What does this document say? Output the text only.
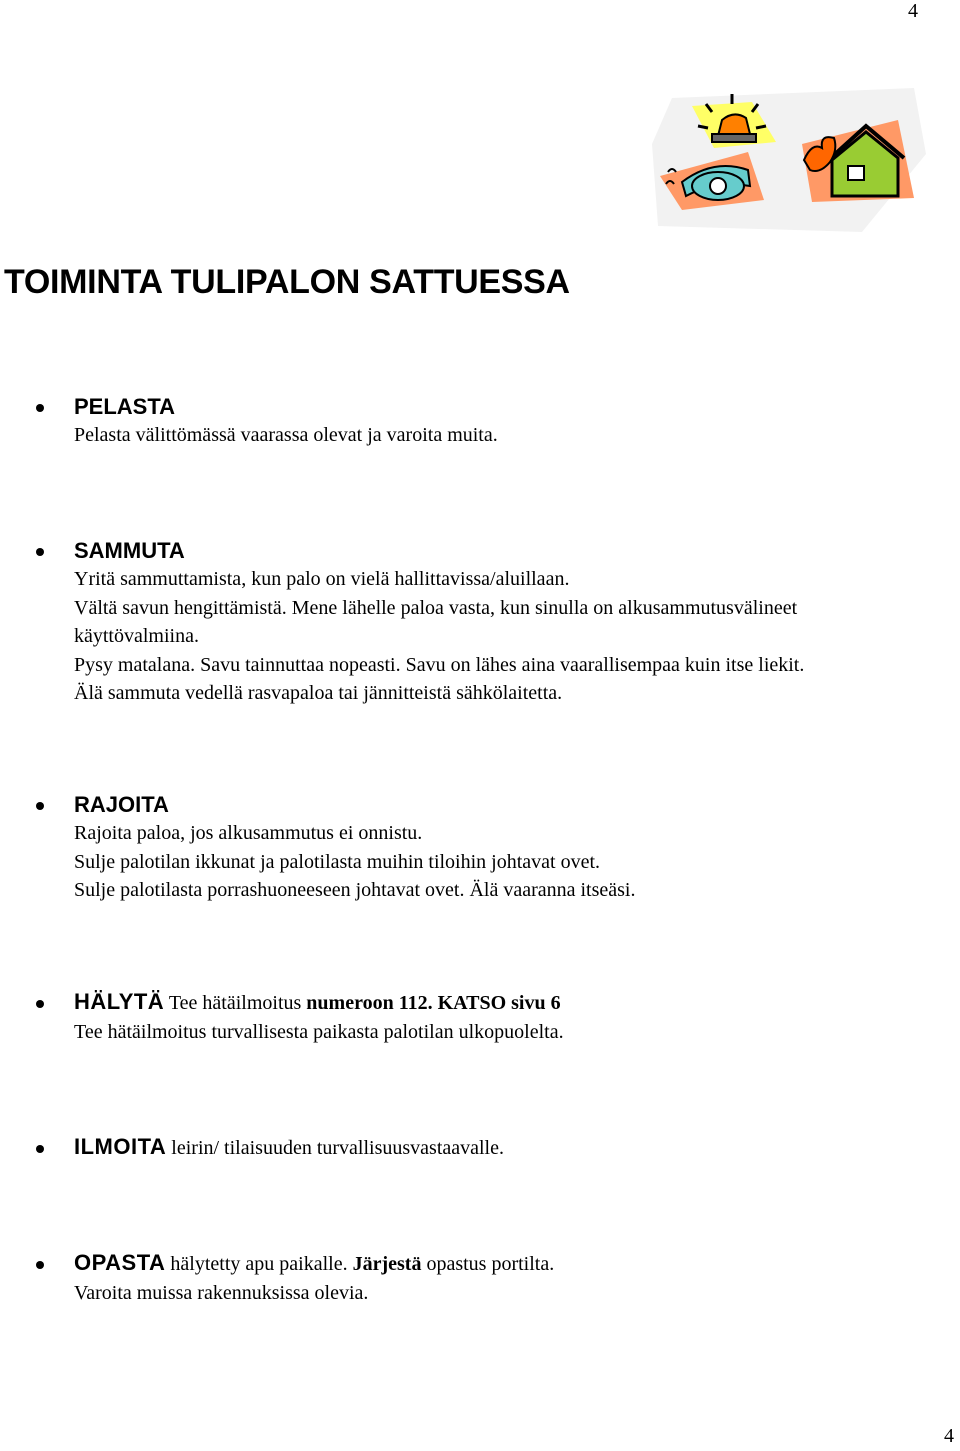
4
TOIMINTA TULIPALON SATTUESSA
PELASTA
Pelasta välittömässä vaarassa olevat ja varoita muita.
SAMMUTA
Yritä sammuttamista, kun palo on vielä hallittavissa/aluillaan.
Vältä savun hengittämistä. Mene lähelle paloa vasta, kun sinulla on alkusammutusvälineet
käyttövalmiina.
Pysy matalana. Savu tainnuttaa nopeasti. Savu on lähes aina vaarallisempaa kuin itse liekit.
Älä sammuta vedellä rasvapaloa tai jännitteistä sähkölaitetta.
RAJOITA
Rajoita paloa, jos alkusammutus ei onnistu.
Sulje palotilan ikkunat ja palotilasta muihin tiloihin johtavat ovet.
Sulje palotilasta porrashuoneeseen johtavat ovet. Älä vaaranna itseäsi.
HÄLYTÄ Tee hätäilmoitus numeroon 112. KATSO sivu 6
Tee hätäilmoitus turvallisesta paikasta palotilan ulkopuolelta.
ILMOITA leirin/ tilaisuuden turvallisuusvastaavalle.
OPASTA hälytetty apu paikalle. Järjestä opastus portilta.
Varoita muissa rakennuksissa olevia.
4
